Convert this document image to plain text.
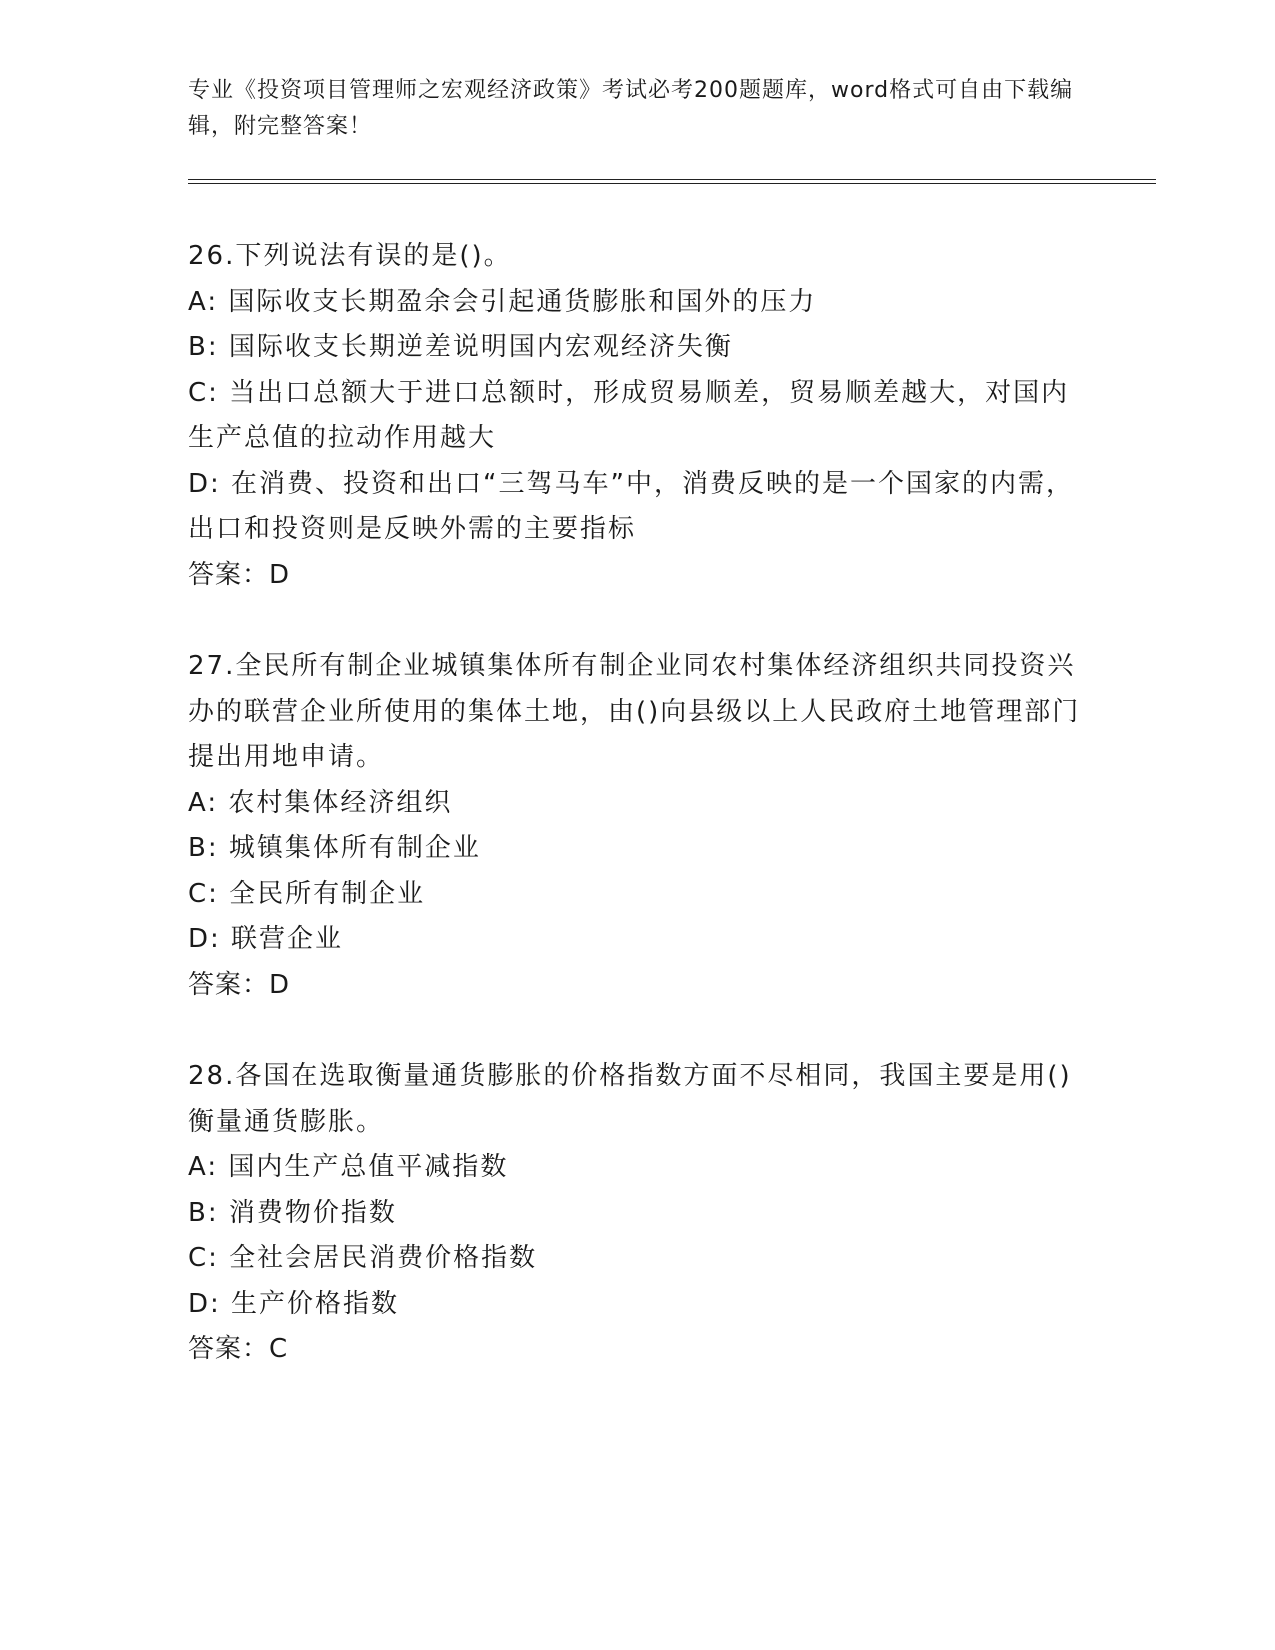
专业《投资项目管理师之宏观经济政策》考试必考200题题库，word格式可自由下载编辑，附完整答案！

26.下列说法有误的是()。

A: 国际收支长期盈余会引起通货膨胀和国外的压力

B: 国际收支长期逆差说明国内宏观经济失衡

C: 当出口总额大于进口总额时，形成贸易顺差，贸易顺差越大，对国内生产总值的拉动作用越大

D: 在消费、投资和出口“三驾马车”中，消费反映的是一个国家的内需，出口和投资则是反映外需的主要指标

答案：D

27.全民所有制企业城镇集体所有制企业同农村集体经济组织共同投资兴办的联营企业所使用的集体土地，由()向县级以上人民政府土地管理部门提出用地申请。

A: 农村集体经济组织

B: 城镇集体所有制企业

C: 全民所有制企业

D: 联营企业

答案：D

28.各国在选取衡量通货膨胀的价格指数方面不尽相同，我国主要是用()衡量通货膨胀。

A: 国内生产总值平减指数

B: 消费物价指数

C: 全社会居民消费价格指数

D: 生产价格指数

答案：C
